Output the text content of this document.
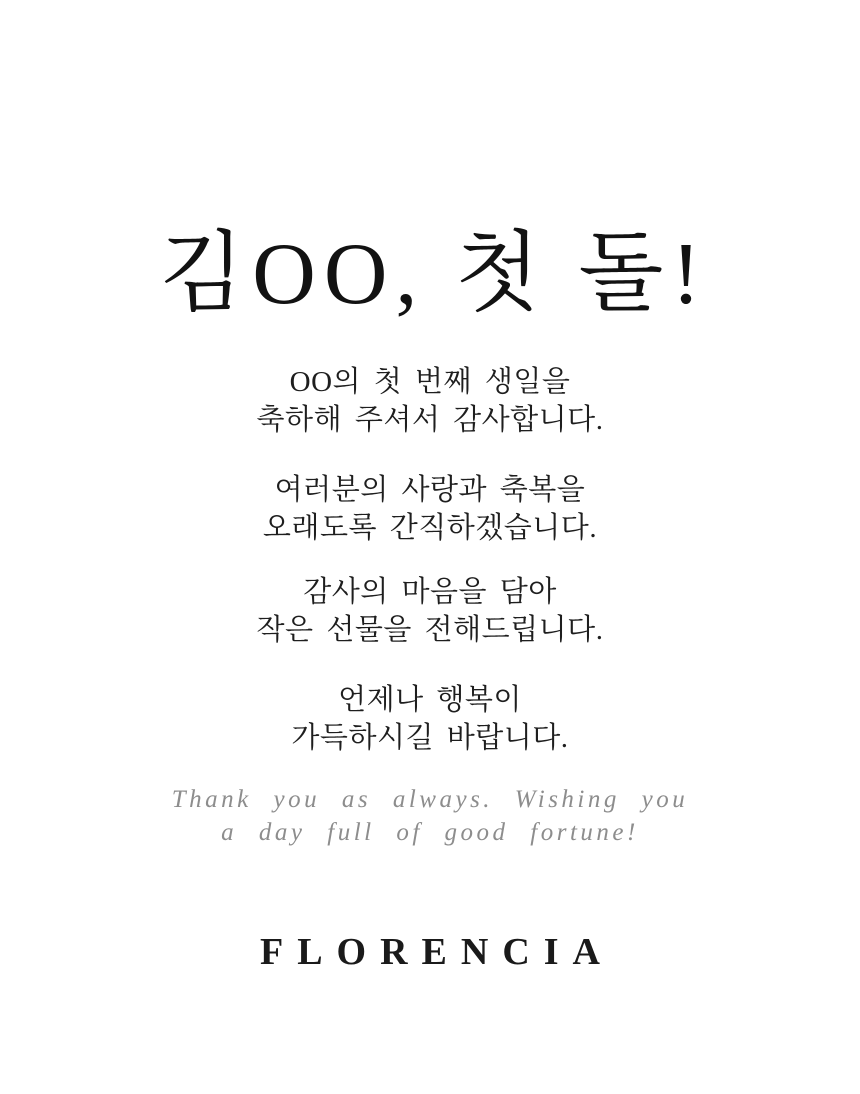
김OO, 첫 돌!

OO의 첫 번째 생일을
축하해 주셔서 감사합니다.

여러분의 사랑과 축복을
오래도록 간직하겠습니다.

감사의 마음을 담아
작은 선물을 전해드립니다.

언제나 행복이
가득하시길 바랍니다.

Thank you as always. Wishing you
a day full of good fortune!
FLORENCIA
